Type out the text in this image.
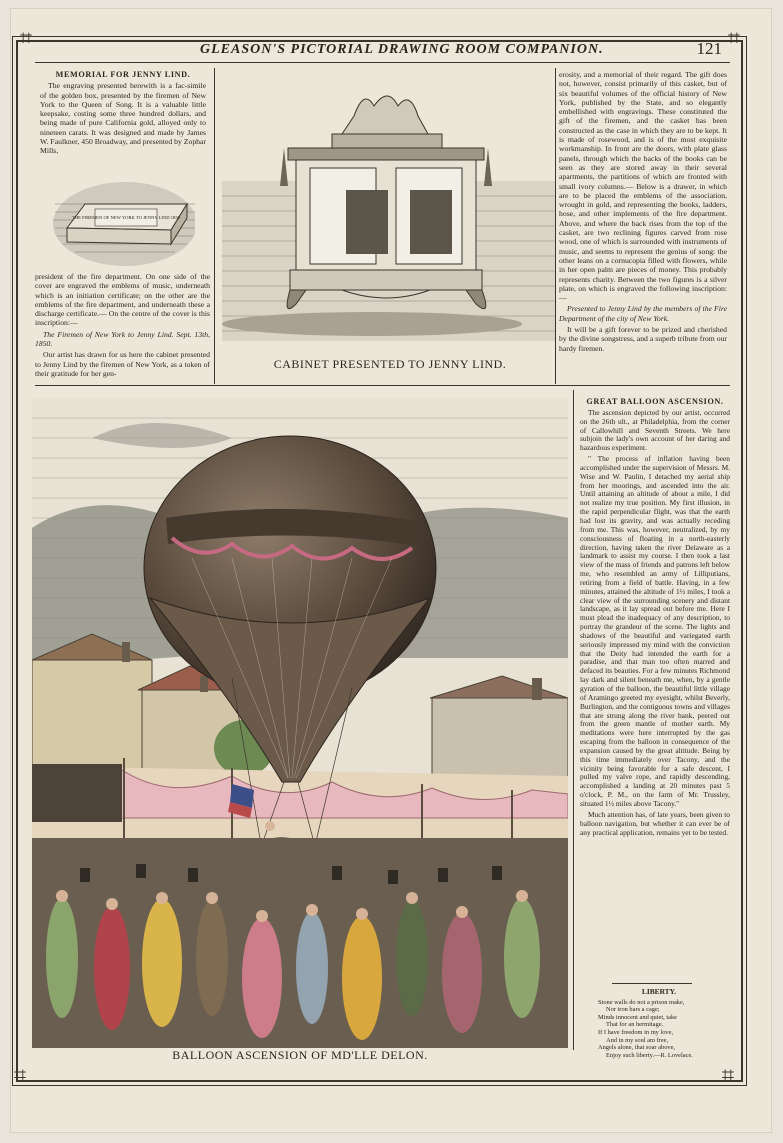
⌗	⌗
⌗	⌗
GLEASON'S PICTORIAL DRAWING ROOM COMPANION.	121
MEMORIAL FOR JENNY LIND.

The engraving presented herewith is a fac-simile of the golden box, presented by the firemen of New York to the Queen of Song. It is a valuable little keepsake, costing some three hundred dollars, and being made of pure California gold, alloyed only to nineteen carats. It was designed and made by James W. Faulkner, 450 Broadway, and presented by Zophar Mills,

THE FIREMEN OF NEW YORK TO JENNY LIND 1850

president of the fire department. On one side of the cover are engraved the emblems of music, underneath which is an initiation certificate; on the other are the emblems of the fire department, and underneath these a discharge certificate.— On the centre of the cover is this inscription:—

The Firemen of New York to Jenny Lind. Sept. 13th, 1850.

Our artist has drawn for us here the cabinet presented to Jenny Lind by the firemen of New York, as a token of their gratitude for her gen-

CABINET PRESENTED TO JENNY LIND.

erosity, and a memorial of their regard. The gift does not, however, consist primarily of this casket, but of six beautiful volumes of the official history of New York, published by the State, and so elegantly embellished with engravings. These constituted the gift of the firemen, and the casket has been constructed as the case in which they are to be kept. It is made of rosewood, and is of the most exquisite workmanship. In front are the doors, with plate glass panels, through which the backs of the books can be seen as they are stored away in their several apartments, the partitions of which are fronted with small ivory columns.— Below is a drawer, in which are to be placed the emblems of the association, wrought in gold, and representing the books, ladders, hose, and other implements of the fire department. Above, and where the back rises from the top of the casket, are two reclining figures carved from rose wood, one of which is surrounded with instruments of music, and seems to represent the genius of song: the other leans on a cornucopia filled with flowers, while in her open palm are pieces of money. This probably represents charity. Between the two figures is a silver plate, on which is engraved the following inscription:—

Presented to Jenny Lind by the members of the Fire Department of the city of New York.

It will be a gift forever to be prized and cherished by the divine songstress, and a superb tribute from our hardy firemen.

BALLOON ASCENSION OF MD'LLE DELON.
GREAT BALLOON ASCENSION.

The ascension depicted by our artist, occurred on the 26th ult., at Philadelphia, from the corner of Callowhill and Seventh Streets. We here subjoin the lady's own account of her daring and hazardous experiment.

" The process of inflation having been accomplished under the supervision of Messrs. M. Wise and W. Paulin, I detached my aerial ship from her moorings, and ascended into the air. Until attaining an altitude of about a mile, I did not realize my true position. My first illusion, in the rapid perpendicular flight, was that the earth had lost its gravity, and was actually receding from me. This was, however, neutralized, by my consciousness of floating in a north-easterly direction, having taken the river Delaware as a landmark to assist my course. I then took a last view of the mass of friends and patrons left below me, who resembled an army of Lilliputians, retiring from a field of battle. Having, in a few minutes, attained the altitude of 1½ miles, I took a clear view of the surrounding scenery and distant landscape, as it lay spread out before me. Here I must plead the inadequacy of any description, to portray the grandeur of the scene. The lights and shadows of the beautiful and variegated earth seriously impressed my mind with the conviction that the Deity had intended the earth for a paradise, and that man too often marred and defaced its beauties. For a few minutes Richmond lay dark and silent beneath me, when, by a gentle gyration of the balloon, the beautiful little village of Aramingo greeted my eyesight, whilst Beverly, Burlington, and the contiguous towns and villages that are strung along the river bank, peered out from the green mantle of mother earth. My meditations were here interrupted by the gas escaping from the balloon in consequence of the expansion caused by the great altitude. Being by this time immediately over Tacony, and the vicinity being favorable for a safe descent, I pulled my valve rope, and rapidly descending, accomplished a landing at 20 minutes past 5 o'clock, P. M., on the farm of Mr. Trussley, situated 1½ miles above Tacony."

Much attention has, of late years, been given to balloon navigation, but whether it can ever be of any practical application, remains yet to be tested.

LIBERTY.
Stone walls do not a prison make,
Nor iron bars a cage;
Minds innocent and quiet, take
That for an hermitage.
If I have freedom in my love,
And in my soul am free,
Angels alone, that soar above,
Enjoy such liberty.—R. Lovelace.
